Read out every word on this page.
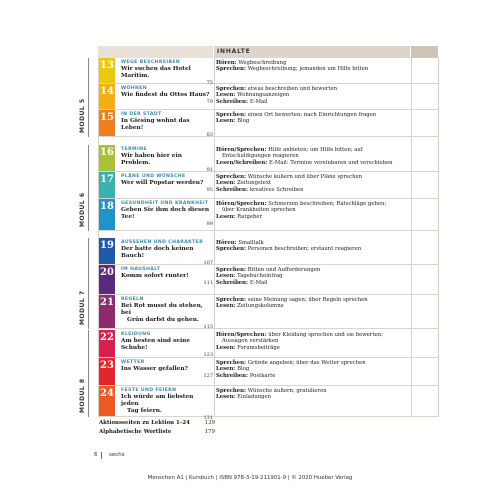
INHALTE
MODUL 5
MODUL 6
MODUL 7
MODUL 8
13 WEGE BESCHREIBEN
Wir suchen das Hotel Maritim.
75
Hören: Wegbeschreibung
Sprechen: Wegbeschreibung; jemanden um Hilfe bitten
14 WOHNEN
Wie findest du Ottos Haus?
79
Sprechen: etwas beschreiben und bewerten
Lesen: Wohnungsanzeigen
Schreiben: E-Mail
15 IN DER STADT
In Giesing wohnt das Leben!
83
Sprechen: einen Ort bewerten; nach Einrichtungen fragen
Lesen: Blog
16 TERMINE
Wir haben hier ein Problem.
91
Hören/Sprechen: Hilfe anbieten; um Hilfe bitten; auf
Entschuldigungen reagieren
Lesen/Schreiben: E-Mail: Termine vereinbaren und verschieben
17 PLÄNE UND WÜNSCHE
Wer will Popstar werden?
95
Sprechen: Wünsche äußern und über Pläne sprechen
Lesen: Zeitungstext
Schreiben: kreatives Schreiben
18 GESUNDHEIT UND KRANKHEIT
Geben Sie ihm doch diesen Tee!
99
Hören/Sprechen: Schmerzen beschreiben; Ratschläge geben;
über Krankheiten sprechen
Lesen: Ratgeber
19 AUSSEHEN UND CHARAKTER
Der hatte doch keinen Bauch!
107
Hören: Smalltalk
Sprechen: Personen beschreiben; erstaunt reagieren
20 IM HAUSHALT
Komm sofort runter!
111
Sprechen: Bitten und Aufforderungen
Lesen: Tagebucheintrag
Schreiben: E-Mail
21 REGELN
Bei Rot musst du stehen, bei
Grün darfst du gehen.
115
Sprechen: seine Meinung sagen; über Regeln sprechen
Lesen: Zeitungskolumne
22 KLEIDUNG
Am besten sind seine Schuhe!
123
Hören/Sprechen: über Kleidung sprechen und sie bewerten;
Aussagen verstärken
Lesen: Forumsbeiträge
23 WETTER
Ins Wasser gefallen?
127
Sprechen: Gründe angeben; über das Wetter sprechen
Lesen: Blog
Schreiben: Postkarte
24 FESTE UND FEIERN
Ich würde am liebsten jeden
Tag feiern.
131
Sprechen: Wünsche äußern; gratulieren
Lesen: Einladungen
Aktionsseiten zu Lektion 1–24	139
Alphabetische Wortliste	179
6 sechs
Menschen A1 | Kursbuch | ISBN 978-3-19-211901-9 | © 2020 Hueber Verlag
